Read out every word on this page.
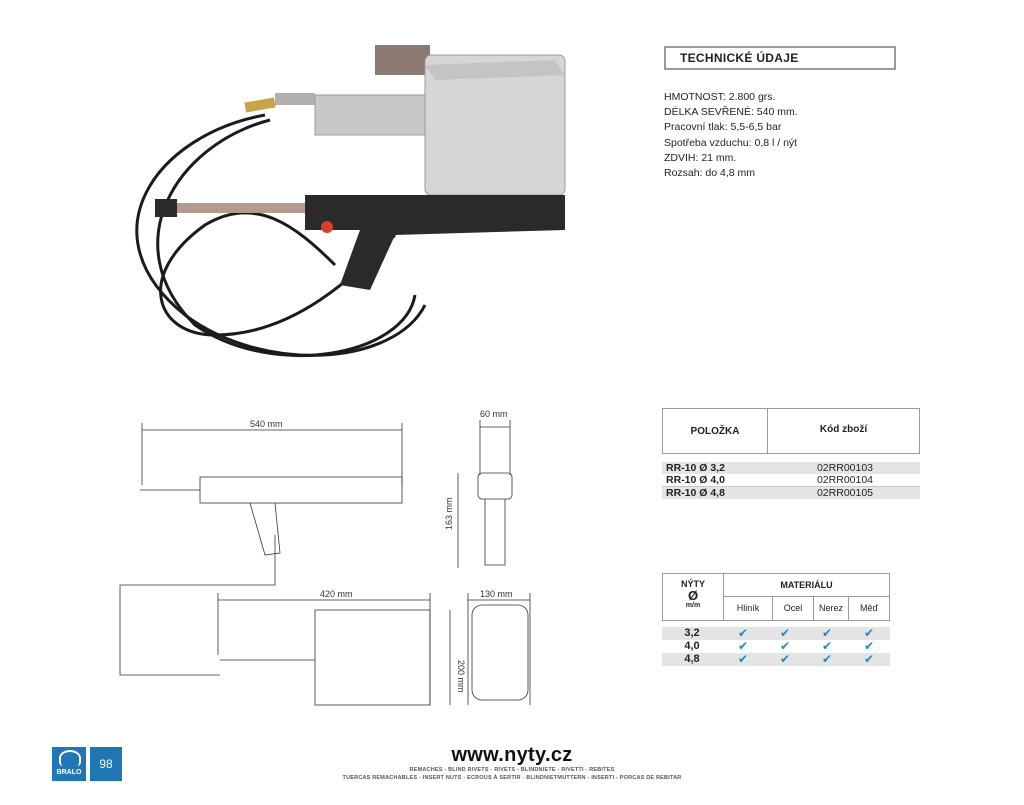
TECHNICKÉ ÚDAJE
HMOTNOST: 2.800 grs.
DÉLKA SEVŘENÉ: 540 mm.
Pracovní tlak: 5,5-6,5 bar
Spotřeba vzduchu: 0,8 l / nýt
ZDVIH: 21 mm.
Rozsah: do 4,8 mm
540 mm
60 mm
163 mm
420 mm	130 mm
200 mm
POLOŽKA	Kód zboží
RR-10 Ø 3,2	02RR00103
RR-10 Ø 4,0	02RR00104
RR-10 Ø 4,8	02RR00105
NÝTY
Ø
m/m
MATERIÁLU
Hliník	Ocel	Nerez	Měď
3,2	✔	✔	✔	✔
4,0	✔	✔	✔	✔
4,8	✔	✔	✔	✔
BRALO
98	www.nyty.cz
REMACHES - BLIND RIVETS - RIVETS - BLINDNIETE - RIVETTI - REBITES
TUERCAS REMACHABLES - INSERT NUTS - ECROUS À SERTIR - BLINDNIETMUTTERN - INSERTI - PORCAS DE REBITAR
